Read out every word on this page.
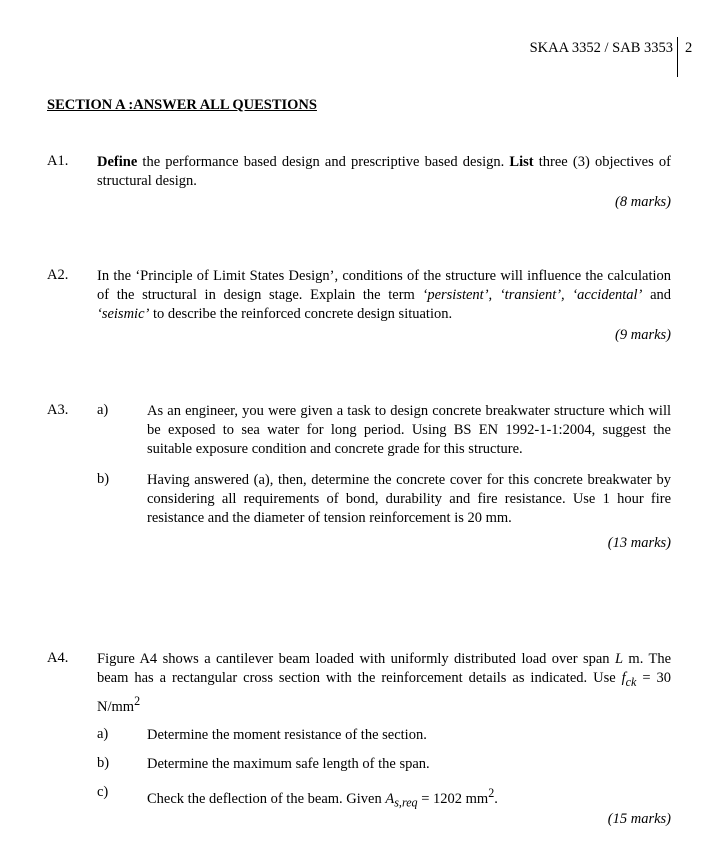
SKAA 3352 / SAB 3353 2
SECTION A :ANSWER ALL QUESTIONS
A1. Define the performance based design and prescriptive based design. List three (3) objectives of structural design.
(8 marks)
A2. In the ‘Principle of Limit States Design’, conditions of the structure will influence the calculation of the structural in design stage. Explain the term ‘persistent’, ‘transient’, ‘accidental’ and ‘seismic’ to describe the reinforced concrete design situation.
(9 marks)
A3. a)	As an engineer, you were given a task to design concrete breakwater structure which will be exposed to sea water for long period. Using BS EN 1992-1-1:2004, suggest the suitable exposure condition and concrete grade for this structure.
b)	Having answered (a), then, determine the concrete cover for this concrete breakwater by considering all requirements of bond, durability and fire resistance. Use 1 hour fire resistance and the diameter of tension reinforcement is 20 mm.
(13 marks)
A4. Figure A4 shows a cantilever beam loaded with uniformly distributed load over span L m. The beam has a rectangular cross section with the reinforcement details as indicated. Use $f_{ck} = 30$ $N/mm^2$
a)	Determine the moment resistance of the section.
b)	Determine the maximum safe length of the span.
c)	Check the deflection of the beam. Given $A_{s,req} = 1202$ $mm^2$.
(15 marks)
